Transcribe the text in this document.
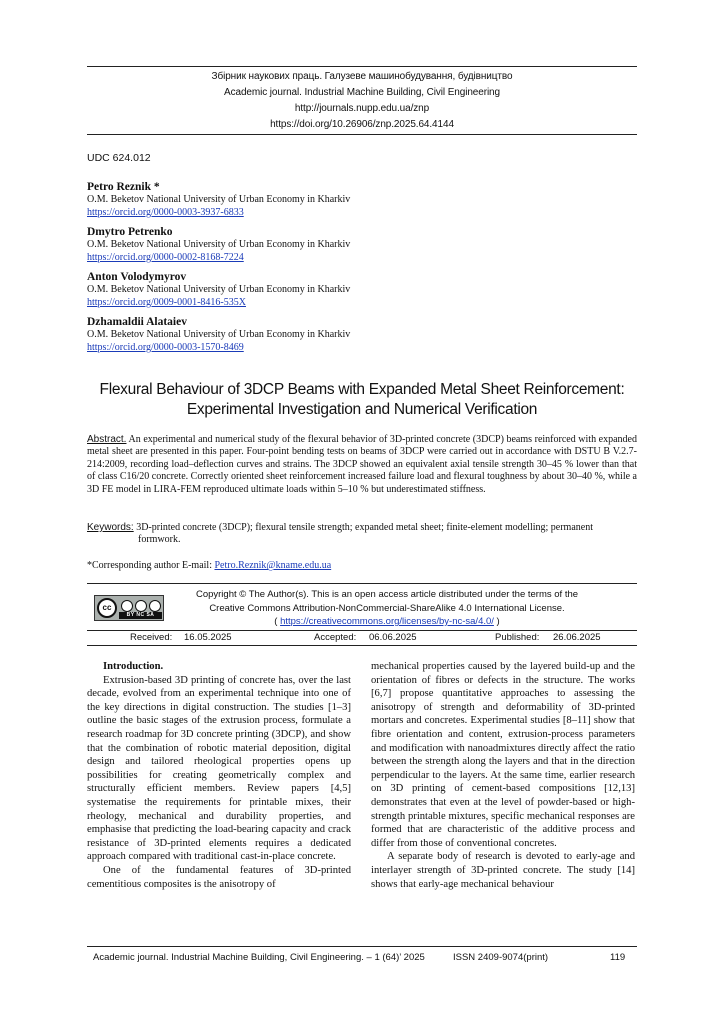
Збірник наукових праць. Галузеве машинобудування, будівництво
Academic journal. Industrial Machine Building, Civil Engineering
http://journals.nupp.edu.ua/znp
https://doi.org/10.26906/znp.2025.64.4144
UDC 624.012
Petro Reznik *
O.M. Beketov National University of Urban Economy in Kharkiv
https://orcid.org/0000-0003-3937-6833
Dmytro Petrenko
O.M. Beketov National University of Urban Economy in Kharkiv
https://orcid.org/0000-0002-8168-7224
Anton Volodymyrov
O.M. Beketov National University of Urban Economy in Kharkiv
https://orcid.org/0009-0001-8416-535X
Dzhamaldii Alataiev
O.M. Beketov National University of Urban Economy in Kharkiv
https://orcid.org/0000-0003-1570-8469
Flexural Behaviour of 3DCP Beams with Expanded Metal Sheet Reinforcement:
Experimental Investigation and Numerical Verification
Abstract. An experimental and numerical study of the flexural behavior of 3D-printed concrete (3DCP) beams reinforced with expanded metal sheet are presented in this paper. Four-point bending tests on beams of 3DCP were carried out in accordance with DSTU B V.2.7-214:2009, recording load–deflection curves and strains. The 3DCP showed an equivalent axial tensile strength 30–45 % lower than that of class C16/20 concrete. Correctly oriented sheet reinforcement increased failure load and flexural toughness by about 30–40 %, while a 3D FE model in LIRA-FEM reproduced ultimate loads within 5–10 % but underestimated stiffness.
Keywords: 3D-printed concrete (3DCP); flexural tensile strength; expanded metal sheet; finite-element modelling; permanent
formwork.
*Corresponding author E-mail: Petro.Reznik@kname.edu.ua
cc
BY NC SA
Copyright © The Author(s). This is an open access article distributed under the terms of the
Creative Commons Attribution-NonCommercial-ShareAlike 4.0 International License.
( https://creativecommons.org/licenses/by-nc-sa/4.0/ )
Received: 16.05.2025	Accepted: 06.06.2025	Published: 26.06.2025

Introduction.

Extrusion-based 3D printing of concrete has, over the last decade, evolved from an experimental technique into one of the key directions in digital construction. The studies [1–3] outline the basic stages of the extrusion process, formulate a research roadmap for 3D concrete printing (3DCP), and show that the combination of robotic material deposition, digital design and tailored rheological properties opens up possibilities for creating geometrically complex and structurally efficient members. Review papers [4,5] systematise the requirements for printable mixes, their rheology, mechanical and durability properties, and emphasise that predicting the load-bearing capacity and crack resistance of 3D-printed elements requires a dedicated approach compared with traditional cast-in-place concrete.

One of the fundamental features of 3D-printed cementitious composites is the anisotropy of

mechanical properties caused by the layered build-up and the orientation of fibres or defects in the structure. The works [6,7] propose quantitative approaches to assessing the anisotropy of strength and deformability of 3D-printed mortars and concretes. Experimental studies [8–11] show that fibre orientation and content, extrusion-process parameters and modification with nanoadmixtures directly affect the ratio between the strength along the layers and that in the direction perpendicular to the layers. At the same time, earlier research on 3D printing of cement-based compositions [12,13] demonstrates that even at the level of powder-based or high-strength printable mixtures, specific mechanical responses are formed that are characteristic of the additive process and differ from those of conventional concretes.

A separate body of research is devoted to early-age and interlayer strength of 3D-printed concrete. The study [14] shows that early-age mechanical behaviour

Academic journal. Industrial Machine Building, Civil Engineering. – 1 (64)’ 2025	ISSN 2409-9074(print)	119
